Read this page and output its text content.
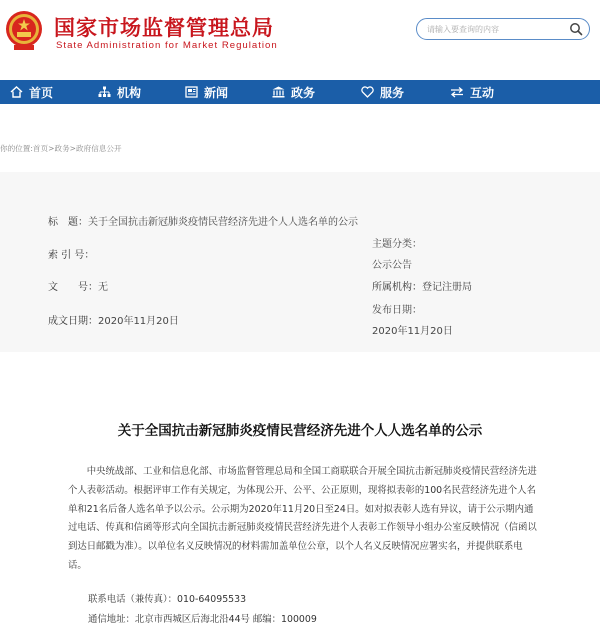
国家市场监督管理总局
State Administration for Market Regulation
请输入要查询的内容
首页	机构	新闻	政务	服务	互动
你的位置:首页>政务>政府信息公开
标　题：关于全国抗击新冠肺炎疫情民营经济先进个人人选名单的公示
索 引 号：
文　　号：无
成文日期：2020年11月20日
主题分类：
公示公告
所属机构：登记注册局
发布日期：
2020年11月20日
关于全国抗击新冠肺炎疫情民营经济先进个人人选名单的公示

中央统战部、工业和信息化部、市场监督管理总局和全国工商联联合开展全国抗击新冠肺炎疫情民营经济先进个人表彰活动。根据评审工作有关规定，为体现公开、公平、公正原则，现将拟表彰的100名民营经济先进个人名单和21名后备人选名单予以公示。公示期为2020年11月20日至24日。如对拟表彰人选有异议，请于公示期内通过电话、传真和信函等形式向全国抗击新冠肺炎疫情民营经济先进个人表彰工作领导小组办公室反映情况（信函以到达日邮戳为准）。以单位名义反映情况的材料需加盖单位公章，以个人名义反映情况应署实名，并提供联系电话。

联系电话（兼传真）：010-64095533
通信地址：北京市西城区后海北沿44号 邮编：100009
